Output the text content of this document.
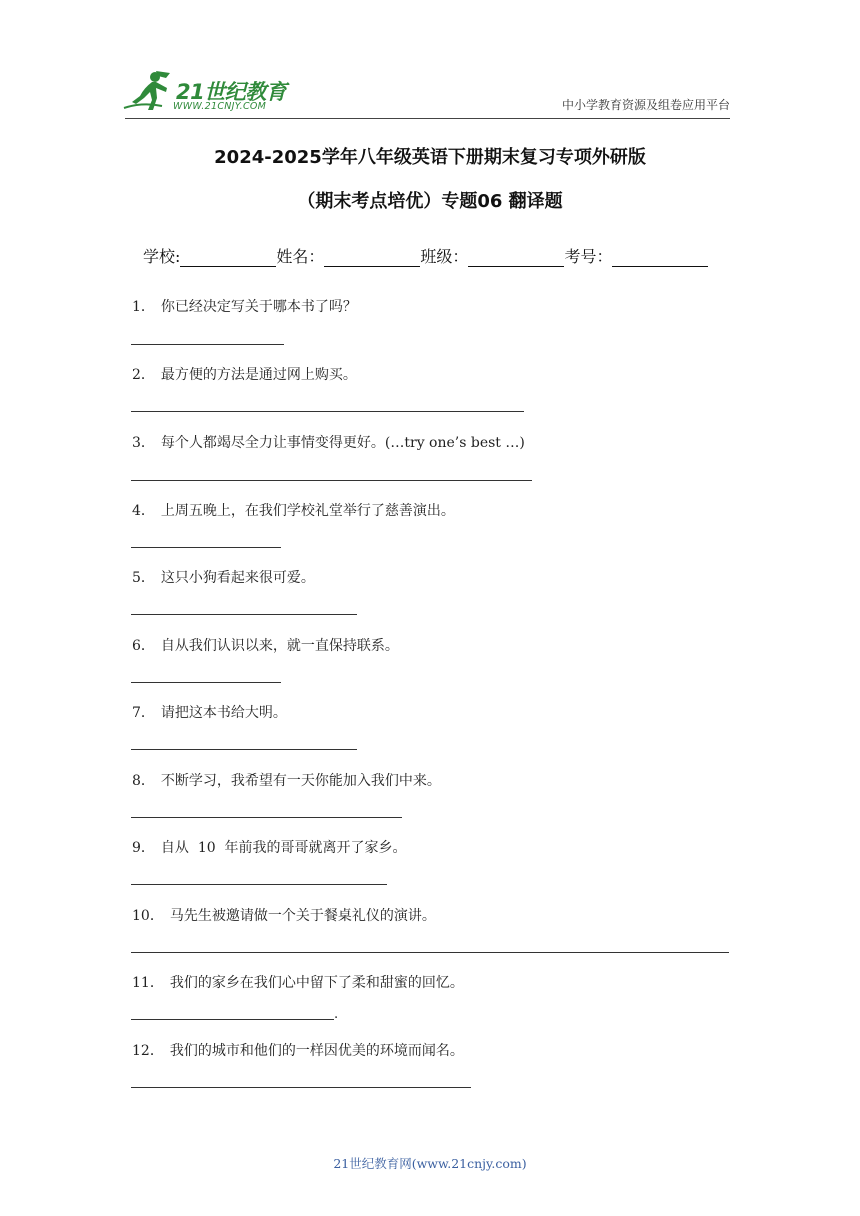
21世纪教育
WWW.21CNJY.COM	中小学教育资源及组卷应用平台
2024-2025学年八年级英语下册期末复习专项外研版
（期末考点培优）专题06 翻译题
学校:	姓名：	班级：	考号：
1． 你已经决定写关于哪本书了吗？
2． 最方便的方法是通过网上购买。
3． 每个人都竭尽全力让事情变得更好。(…try one’s best …)
4． 上周五晚上，在我们学校礼堂举行了慈善演出。
5． 这只小狗看起来很可爱。
6． 自从我们认识以来，就一直保持联系。
7． 请把这本书给大明。
8． 不断学习，我希望有一天你能加入我们中来。
9． 自从  10  年前我的哥哥就离开了家乡。
10． 马先生被邀请做一个关于餐桌礼仪的演讲。
11． 我们的家乡在我们心中留下了柔和甜蜜的回忆。
.
12． 我们的城市和他们的一样因优美的环境而闻名。
21世纪教育网(www.21cnjy.com)
